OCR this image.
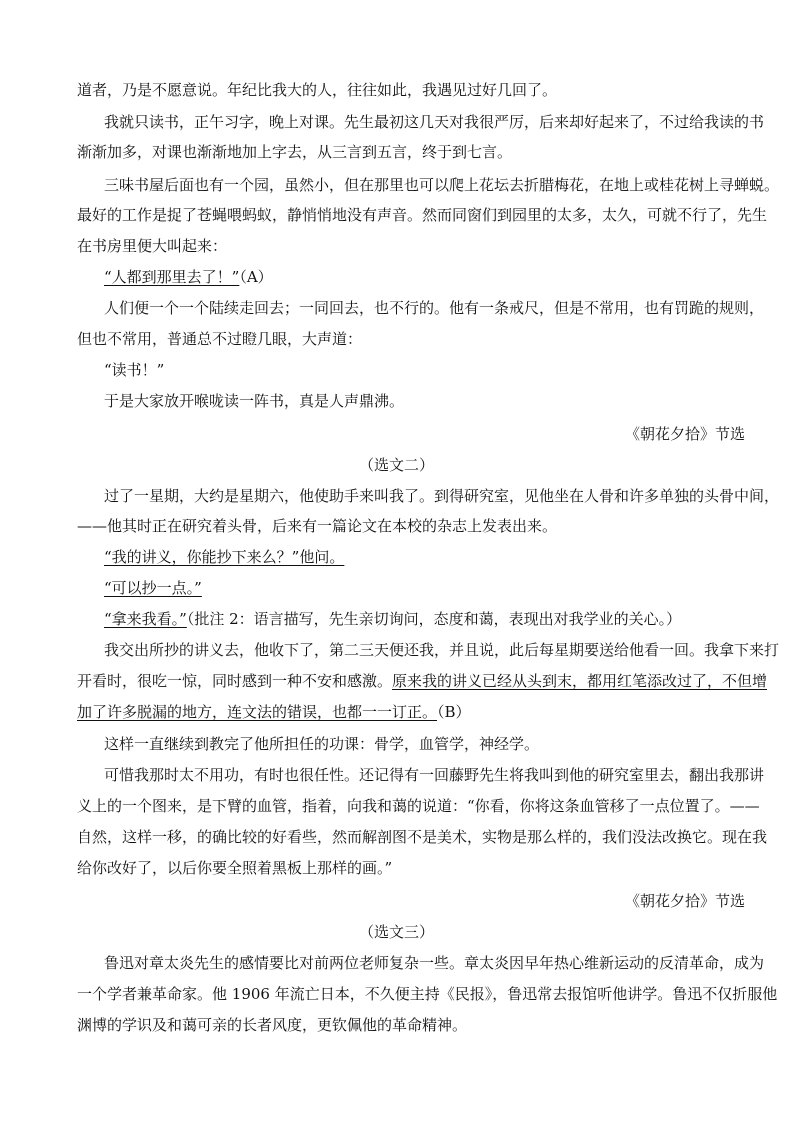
道者，乃是不愿意说。年纪比我大的人，往往如此，我遇见过好几回了。
我就只读书，正午习字，晚上对课。先生最初这几天对我很严厉，后来却好起来了，不过给我读的书
渐渐加多，对课也渐渐地加上字去，从三言到五言，终于到七言。
三味书屋后面也有一个园，虽然小，但在那里也可以爬上花坛去折腊梅花，在地上或桂花树上寻蝉蜕。
最好的工作是捉了苍蝇喂蚂蚁，静悄悄地没有声音。然而同窗们到园里的太多，太久，可就不行了，先生
在书房里便大叫起来：
“人都到那里去了！”（A）
人们便一个一个陆续走回去；一同回去，也不行的。他有一条戒尺，但是不常用，也有罚跪的规则，
但也不常用，普通总不过瞪几眼，大声道：
“读书！”
于是大家放开喉咙读一阵书，真是人声鼎沸。
《朝花夕拾》节选
（选文二）
过了一星期，大约是星期六，他使助手来叫我了。到得研究室，见他坐在人骨和许多单独的头骨中间，
——他其时正在研究着头骨，后来有一篇论文在本校的杂志上发表出来。
“我的讲义，你能抄下来么？”他问。
“可以抄一点。”
“拿来我看。”（批注 2：语言描写，先生亲切询问，态度和蔼，表现出对我学业的关心。）
我交出所抄的讲义去，他收下了，第二三天便还我，并且说，此后每星期要送给他看一回。我拿下来打
开看时，很吃一惊，同时感到一种不安和感激。原来我的讲义已经从头到末，都用红笔添改过了，不但增
加了许多脱漏的地方，连文法的错误，也都一一订正。（B）
这样一直继续到教完了他所担任的功课：骨学，血管学，神经学。
可惜我那时太不用功，有时也很任性。还记得有一回藤野先生将我叫到他的研究室里去，翻出我那讲
义上的一个图来，是下臂的血管，指着，向我和蔼的说道：“你看，你将这条血管移了一点位置了。——
自然，这样一移，的确比较的好看些，然而解剖图不是美术，实物是那么样的，我们没法改换它。现在我
给你改好了，以后你要全照着黑板上那样的画。”
《朝花夕拾》节选
（选文三）
鲁迅对章太炎先生的感情要比对前两位老师复杂一些。章太炎因早年热心维新运动的反清革命，成为
一个学者兼革命家。他 1906 年流亡日本，不久便主持《民报》，鲁迅常去报馆听他讲学。鲁迅不仅折服他
渊博的学识及和蔼可亲的长者风度，更钦佩他的革命精神。
